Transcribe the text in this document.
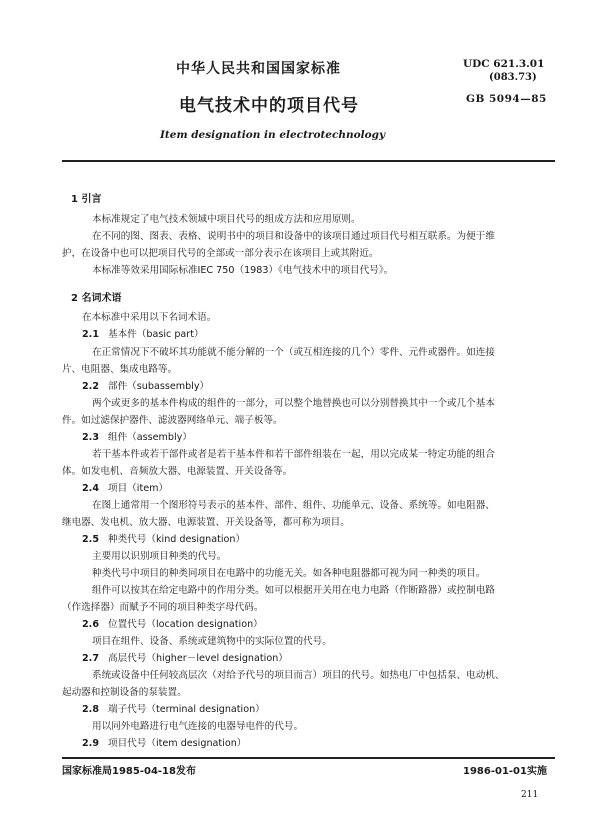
中华人民共和国国家标准	UDC 621.3.01
(083.73)
电气技术中的项目代号	GB 5094—85
Item designation in electrotechnology
1 引言
本标准规定了电气技术领域中项目代号的组成方法和应用原则。
在不同的图、图表、表格、说明书中的项目和设备中的该项目通过项目代号相互联系。为便于维
护，在设备中也可以把项目代号的全部或一部分表示在该项目上或其附近。
本标准等效采用国际标准IEC 750（1983）《电气技术中的项目代号》。
2 名词术语
在本标准中采用以下名词术语。
2.1 基本件（basic part）
在正常情况下不破坏其功能就不能分解的一个（或互相连接的几个）零件、元件或器件。如连接
片、电阻器、集成电路等。
2.2 部件（subassembly）
两个或更多的基本件构成的组件的一部分，可以整个地替换也可以分别替换其中一个或几个基本
件。如过滤保护器件、滤波器网络单元、端子板等。
2.3 组件（assembly）
若干基本件或若干部件或者是若干基本件和若干部件组装在一起，用以完成某一特定功能的组合
体。如发电机、音频放大器、电源装置、开关设备等。
2.4 项目（item）
在图上通常用一个图形符号表示的基本件、部件、组件、功能单元、设备、系统等。如电阻器、
继电器、发电机、放大器、电源装置、开关设备等，都可称为项目。
2.5 种类代号（kind designation）
主要用以识别项目种类的代号。
种类代号中项目的种类同项目在电路中的功能无关。如各种电阻器都可视为同一种类的项目。
组件可以按其在给定电路中的作用分类。如可以根据开关用在电力电路（作断路器）或控制电路
（作选择器）而赋予不同的项目种类字母代码。
2.6 位置代号（location designation）
项目在组件、设备、系统或建筑物中的实际位置的代号。
2.7 高层代号（higher－level designation）
系统或设备中任何较高层次（对给予代号的项目而言）项目的代号。如热电厂中包括泵、电动机、
起动器和控制设备的泵装置。
2.8 端子代号（terminal designation）
用以同外电路进行电气连接的电器导电件的代号。
2.9 项目代号（item designation）
国家标准局1985-04-18发布	1986-01-01实施
211
